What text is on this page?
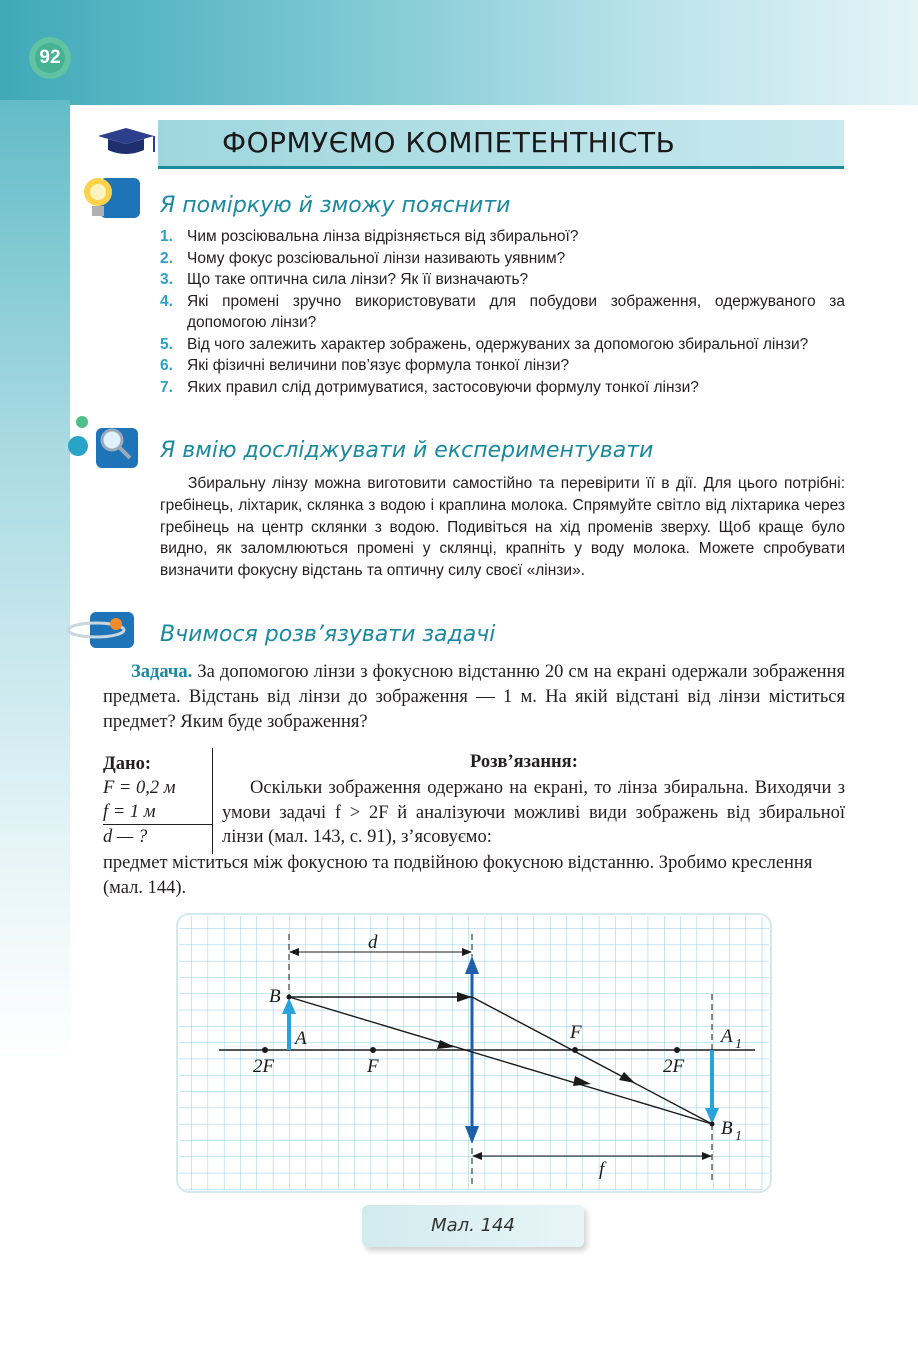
92
ФОРМУЄМО КОМПЕТЕНТНІСТЬ
Я поміркую й зможу пояснити
1. Чим розсіювальна лінза відрізняється від збиральної?
2. Чому фокус розсіювальної лінзи називають уявним?
3. Що таке оптична сила лінзи? Як її визначають?
4. Які промені зручно використовувати для побудови зображення, одержуваного за допомогою лінзи?
5. Від чого залежить характер зображень, одержуваних за допомогою збиральної лінзи?
6. Які фізичні величини пов’язує формула тонкої лінзи?
7. Яких правил слід дотримуватися, застосовуючи формулу тонкої лінзи?
Я вмію досліджувати й експериментувати
Збиральну лінзу можна виготовити самостійно та перевірити її в дії. Для цього потрібні: гребінець, ліхтарик, склянка з водою і краплина молока. Спрямуйте світло від ліхтарика через гребінець на центр склянки з водою. Подивіться на хід променів зверху. Щоб краще було видно, як заломлюються промені у склянці, крапніть у воду молока. Можете спробувати визначити фокусну відстань та оптичну силу своєї «лінзи».
Вчимося розв’язувати задачі
Задача. За допомогою лінзи з фокусною відстанню 20 см на екрані одержали зображення предмета. Відстань від лінзи до зображення — 1 м. На якій відстані від лінзи міститься предмет? Яким буде зображення?
Дано:
F = 0,2 м
f = 1 м
d — ?
Розв’язання:
Оскільки зображення одержано на екрані, то лінза збиральна. Виходячи з умови задачі f > 2F й аналізуючи можливі види зображень від збиральної лінзи (мал. 143, с. 91), з’ясовуємо:
предмет міститься між фокусною та подвійною фокусною відстанню. Зробимо креслення (мал. 144).
d
f
B
A	F	A 1
B 1
2F	F	2F
Мал. 144
